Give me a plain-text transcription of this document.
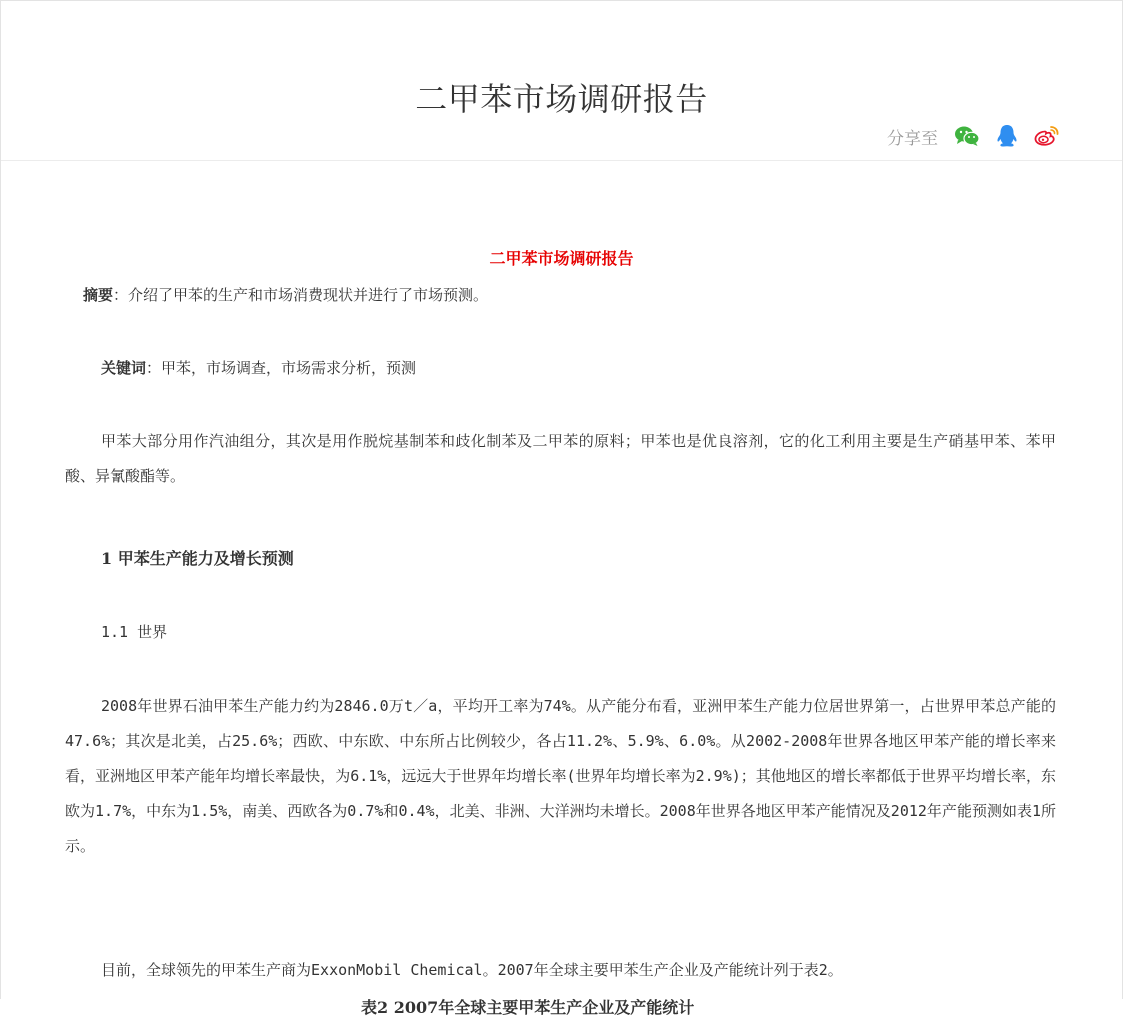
二甲苯市场调研报告
分享至
二甲苯市场调研报告
摘要：介绍了甲苯的生产和市场消费现状并进行了市场预测。
关键词：甲苯，市场调查，市场需求分析，预测
甲苯大部分用作汽油组分，其次是用作脱烷基制苯和歧化制苯及二甲苯的原料；甲苯也是优良溶剂，它的化工利用主要是生产硝基甲苯、苯甲酸、异氰酸酯等。
1 甲苯生产能力及增长预测
1.1 世界
2008年世界石油甲苯生产能力约为2846.0万t／a，平均开工率为74%。从产能分布看，亚洲甲苯生产能力位居世界第一，占世界甲苯总产能的47.6%；其次是北美，占25.6%；西欧、中东欧、中东所占比例较少，各占11.2%、5.9%、6.0%。从2002-2008年世界各地区甲苯产能的增长率来看，亚洲地区甲苯产能年均增长率最快，为6.1%，远远大于世界年均增长率(世界年均增长率为2.9%)；其他地区的增长率都低于世界平均增长率，东欧为1.7%，中东为1.5%，南美、西欧各为0.7%和0.4%，北美、非洲、大洋洲均未增长。2008年世界各地区甲苯产能情况及2012年产能预测如表1所示。
目前，全球领先的甲苯生产商为ExxonMobil Chemical。2007年全球主要甲苯生产企业及产能统计列于表2。
表2 2007年全球主要甲苯生产企业及产能统计
